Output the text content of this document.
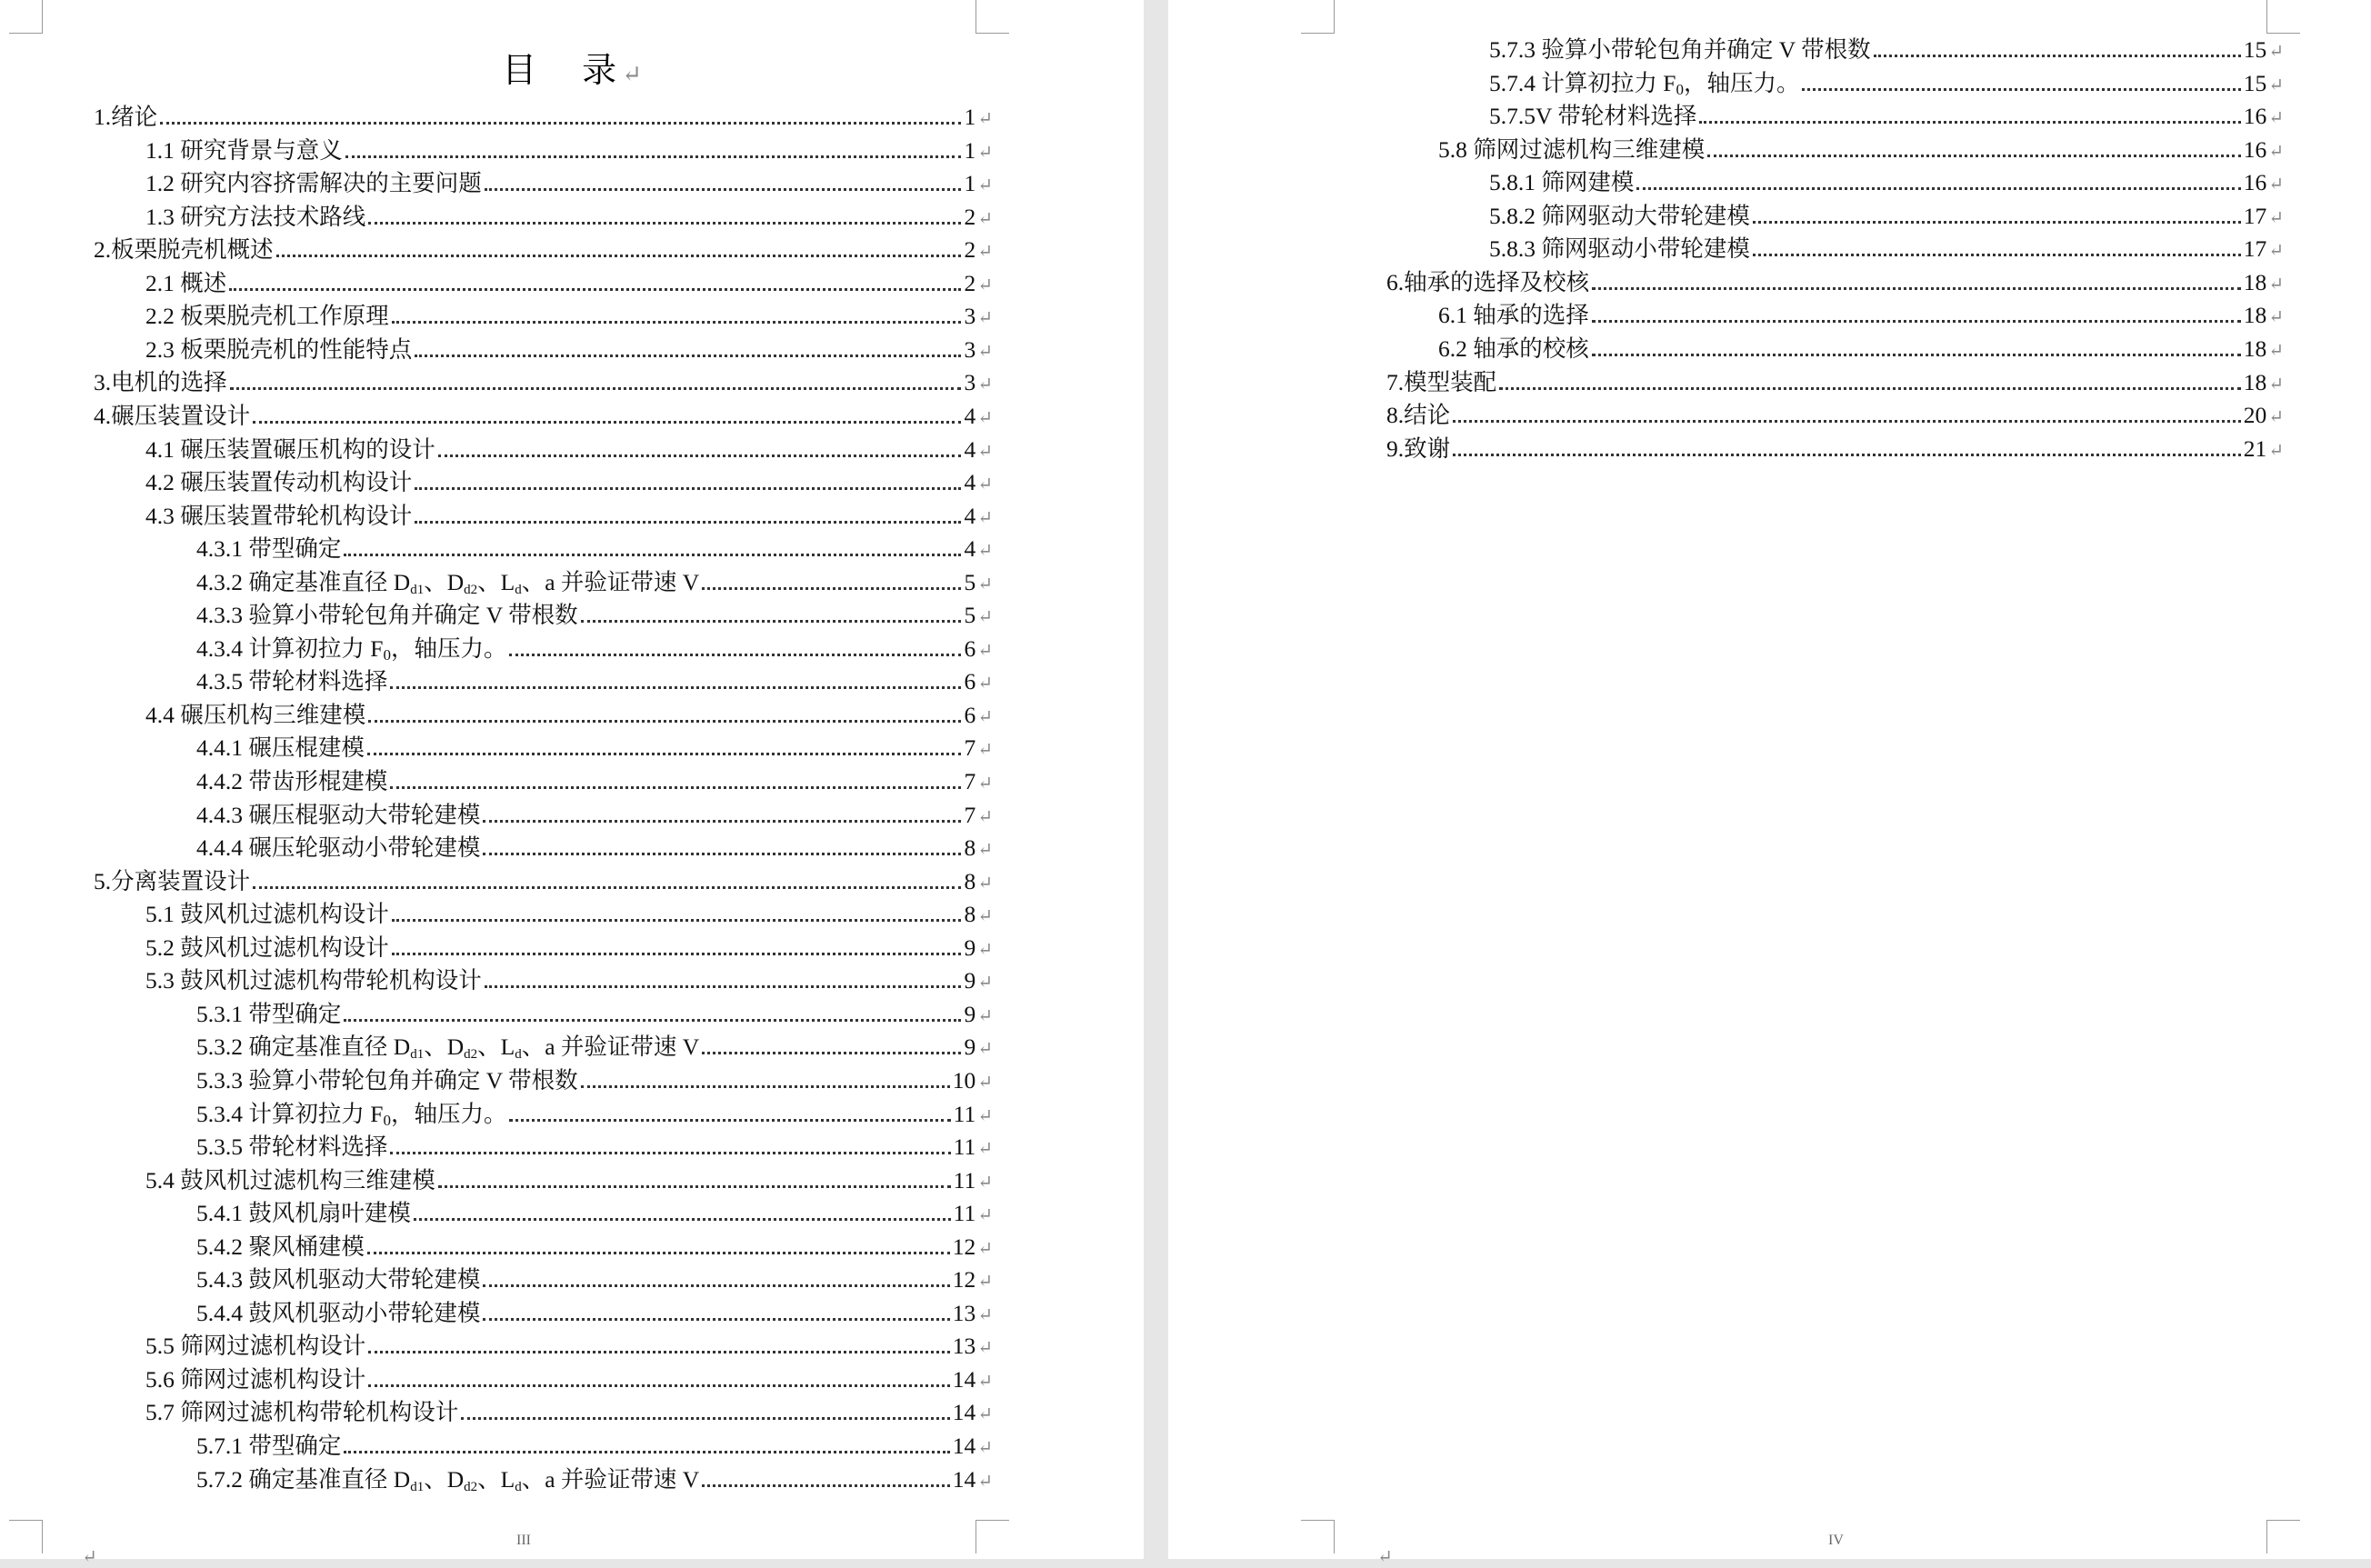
目　录↵
1.绪论	1 ↵
1.1 研究背景与意义	1 ↵
1.2 研究内容挤需解决的主要问题	1 ↵
1.3 研究方法技术路线	2 ↵
2.板栗脱壳机概述	2 ↵
2.1 概述	2 ↵
2.2 板栗脱壳机工作原理	3 ↵
2.3 板栗脱壳机的性能特点	3 ↵
3.电机的选择	3 ↵
4.碾压装置设计	4 ↵
4.1 碾压装置碾压机构的设计	4 ↵
4.2 碾压装置传动机构设计	4 ↵
4.3 碾压装置带轮机构设计	4 ↵
4.3.1 带型确定	4 ↵
4.3.2 确定基准直径 $D_{d1}$、$D_{d2}$、$L_d$、a 并验证带速 V	5 ↵
4.3.3 验算小带轮包角并确定 V 带根数	5 ↵
4.3.4 计算初拉力 $F_0$，轴压力。	6 ↵
4.3.5 带轮材料选择	6 ↵
4.4 碾压机构三维建模	6 ↵
4.4.1 碾压棍建模	7 ↵
4.4.2 带齿形棍建模	7 ↵
4.4.3 碾压棍驱动大带轮建模	7 ↵
4.4.4 碾压轮驱动小带轮建模	8 ↵
5.分离装置设计	8 ↵
5.1 鼓风机过滤机构设计	8 ↵
5.2 鼓风机过滤机构设计	9 ↵
5.3 鼓风机过滤机构带轮机构设计	9 ↵
5.3.1 带型确定	9 ↵
5.3.2 确定基准直径 $D_{d1}$、$D_{d2}$、$L_d$、a 并验证带速 V	9 ↵
5.3.3 验算小带轮包角并确定 V 带根数	10 ↵
5.3.4 计算初拉力 $F_0$，轴压力。	11 ↵
5.3.5 带轮材料选择	11 ↵
5.4 鼓风机过滤机构三维建模	11 ↵
5.4.1 鼓风机扇叶建模	11 ↵
5.4.2 聚风桶建模	12 ↵
5.4.3 鼓风机驱动大带轮建模	12 ↵
5.4.4 鼓风机驱动小带轮建模	13 ↵
5.5 筛网过滤机构设计	13 ↵
5.6 筛网过滤机构设计	14 ↵
5.7 筛网过滤机构带轮机构设计	14 ↵
5.7.1 带型确定	14 ↵
5.7.2 确定基准直径 $D_{d1}$、$D_{d2}$、$L_d$、a 并验证带速 V	14 ↵
III
↵
5.7.3 验算小带轮包角并确定 V 带根数	15 ↵
5.7.4 计算初拉力 $F_0$，轴压力。	15 ↵
5.7.5V 带轮材料选择	16 ↵
5.8 筛网过滤机构三维建模	16 ↵
5.8.1 筛网建模	16 ↵
5.8.2 筛网驱动大带轮建模	17 ↵
5.8.3 筛网驱动小带轮建模	17 ↵
6.轴承的选择及校核	18 ↵
6.1 轴承的选择	18 ↵
6.2 轴承的校核	18 ↵
7.模型装配	18 ↵
8.结论	20 ↵
9.致谢	21 ↵
IV
↵
